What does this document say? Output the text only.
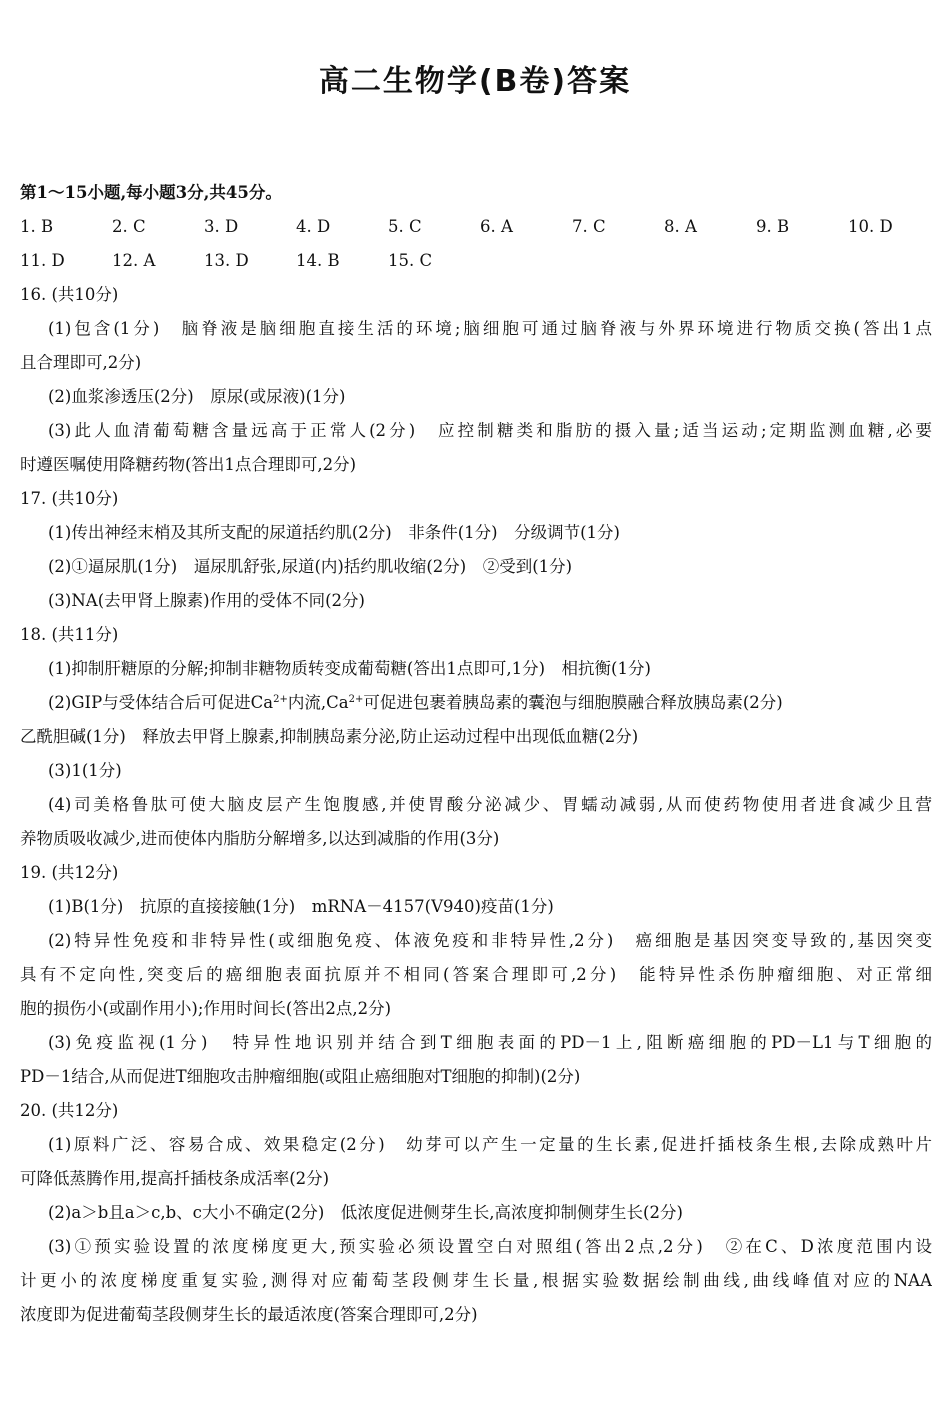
高二生物学(B卷)答案
第1～15小题,每小题3分,共45分。
1. B	2. C	3. D	4. D	5. C	6. A	7. C	8. A	9. B	10. D
11. D	12. A	13. D	14. B	15. C
16. (共10分)
(1)包含(1分)　脑脊液是脑细胞直接生活的环境;脑细胞可通过脑脊液与外界环境进行物质交换(答出1点
且合理即可,2分)
(2)血浆渗透压(2分)　原尿(或尿液)(1分)
(3)此人血清葡萄糖含量远高于正常人(2分)　应控制糖类和脂肪的摄入量;适当运动;定期监测血糖,必要
时遵医嘱使用降糖药物(答出1点合理即可,2分)
17. (共10分)
(1)传出神经末梢及其所支配的尿道括约肌(2分)　非条件(1分)　分级调节(1分)
(2)①逼尿肌(1分)　逼尿肌舒张,尿道(内)括约肌收缩(2分)　②受到(1分)
(3)NA(去甲肾上腺素)作用的受体不同(2分)
18. (共11分)
(1)抑制肝糖原的分解;抑制非糖物质转变成葡萄糖(答出1点即可,1分)　相抗衡(1分)
(2)GIP与受体结合后可促进$Ca^{2+}$内流$,Ca^{2+}$可促进包裹着胰岛素的囊泡与细胞膜融合释放胰岛素(2分)
乙酰胆碱(1分)　释放去甲肾上腺素,抑制胰岛素分泌,防止运动过程中出现低血糖(2分)
(3)1(1分)
(4)司美格鲁肽可使大脑皮层产生饱腹感,并使胃酸分泌减少、胃蠕动减弱,从而使药物使用者进食减少且营
养物质吸收减少,进而使体内脂肪分解增多,以达到减脂的作用(3分)
19. (共12分)
(1)B(1分)　抗原的直接接触(1分)　mRNA－4157(V940)疫苗(1分)
(2)特异性免疫和非特异性(或细胞免疫、体液免疫和非特异性,2分)　癌细胞是基因突变导致的,基因突变
具有不定向性,突变后的癌细胞表面抗原并不相同(答案合理即可,2分)　能特异性杀伤肿瘤细胞、对正常细
胞的损伤小(或副作用小);作用时间长(答出2点,2分)
(3)免疫监视(1分)　特异性地识别并结合到T细胞表面的PD－1上,阻断癌细胞的PD－L1与T细胞的
PD－1结合,从而促进T细胞攻击肿瘤细胞(或阻止癌细胞对T细胞的抑制)(2分)
20. (共12分)
(1)原料广泛、容易合成、效果稳定(2分)　幼芽可以产生一定量的生长素,促进扦插枝条生根,去除成熟叶片
可降低蒸腾作用,提高扦插枝条成活率(2分)
(2)a＞b且a＞c,b、c大小不确定(2分)　低浓度促进侧芽生长,高浓度抑制侧芽生长(2分)
(3)①预实验设置的浓度梯度更大,预实验必须设置空白对照组(答出2点,2分)　②在C、D浓度范围内设
计更小的浓度梯度重复实验,测得对应葡萄茎段侧芽生长量,根据实验数据绘制曲线,曲线峰值对应的NAA
浓度即为促进葡萄茎段侧芽生长的最适浓度(答案合理即可,2分)
